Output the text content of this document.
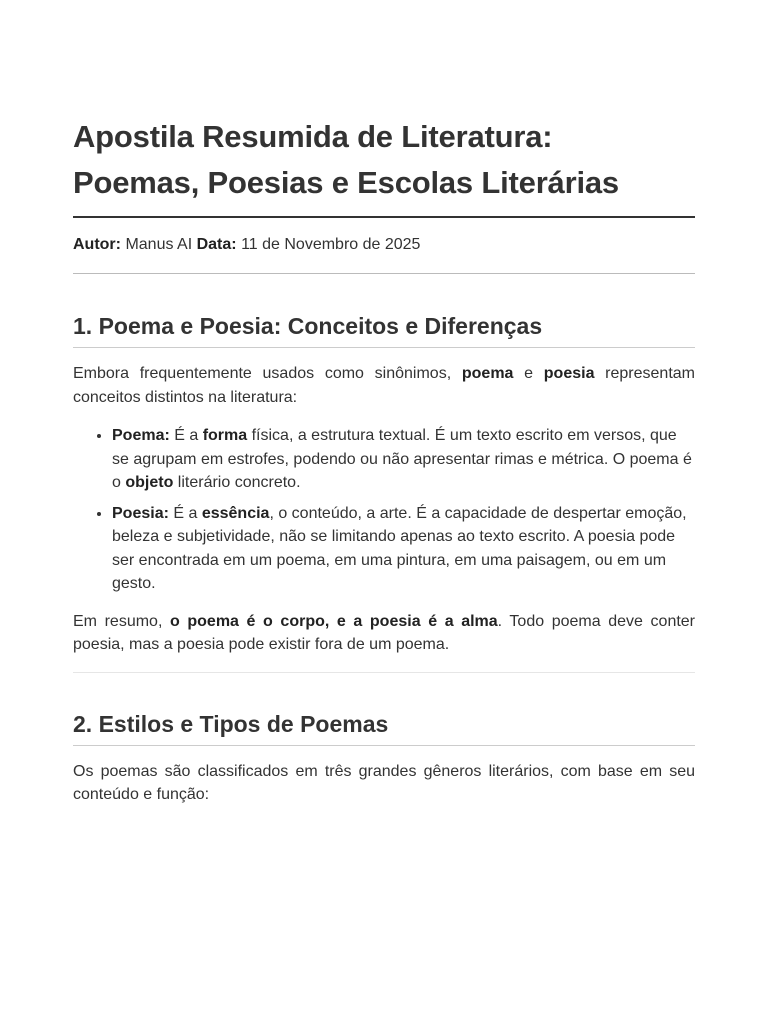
Apostila Resumida de Literatura:
Poemas, Poesias e Escolas Literárias
Autor: Manus AI Data: 11 de Novembro de 2025
1. Poema e Poesia: Conceitos e Diferenças

Embora frequentemente usados como sinônimos, poema e poesia representam conceitos distintos na literatura:

• Poema: É a forma física, a estrutura textual. É um texto escrito em versos, que se agrupam em estrofes, podendo ou não apresentar rimas e métrica. O poema é o objeto literário concreto.
• Poesia: É a essência, o conteúdo, a arte. É a capacidade de despertar emoção, beleza e subjetividade, não se limitando apenas ao texto escrito. A poesia pode ser encontrada em um poema, em uma pintura, em uma paisagem, ou em um gesto.

Em resumo, o poema é o corpo, e a poesia é a alma. Todo poema deve conter poesia, mas a poesia pode existir fora de um poema.

2. Estilos e Tipos de Poemas

Os poemas são classificados em três grandes gêneros literários, com base em seu conteúdo e função:
